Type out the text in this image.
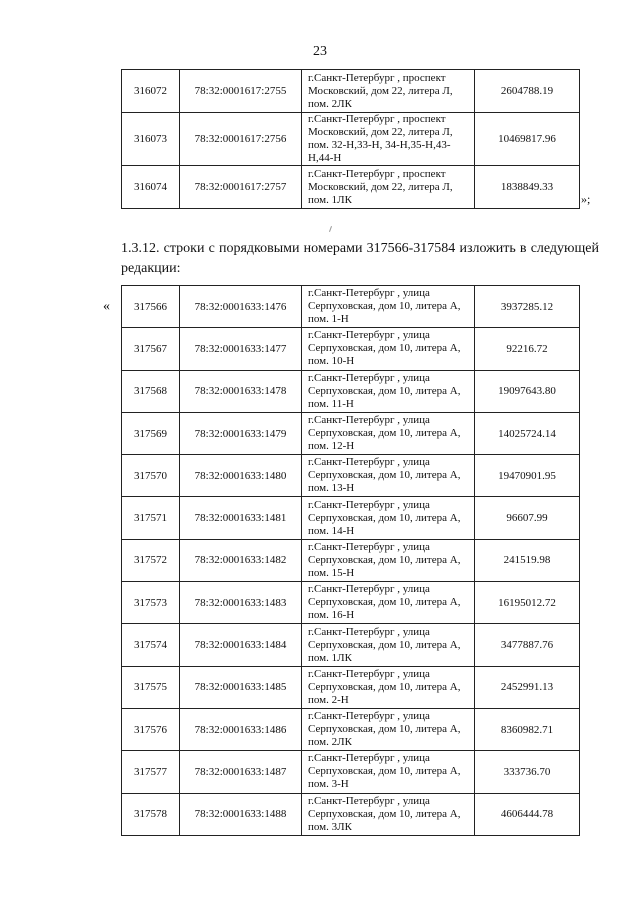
23
316072	78:32:0001617:2755	г.Санкт-Петербург , проспект Московский, дом 22, литера Л, пом. 2ЛК	2604788.19
316073	78:32:0001617:2756	г.Санкт-Петербург , проспект Московский, дом 22, литера Л, пом. 32-Н,33-Н, 34-Н,35-Н,43-Н,44-Н	10469817.96
316074	78:32:0001617:2757	г.Санкт-Петербург , проспект Московский, дом 22, литера Л, пом. 1ЛК	1838849.33
»;
1.3.12. строки с порядковыми номерами 317566-317584 изложить в следующей
редакции:
« 317566	78:32:0001633:1476	г.Санкт-Петербург , улица Серпуховская, дом 10, литера А, пом. 1-Н	3937285.12
317567	78:32:0001633:1477	г.Санкт-Петербург , улица Серпуховская, дом 10, литера А, пом. 10-Н	92216.72
317568	78:32:0001633:1478	г.Санкт-Петербург , улица Серпуховская, дом 10, литера А, пом. 11-Н	19097643.80
317569	78:32:0001633:1479	г.Санкт-Петербург , улица Серпуховская, дом 10, литера А, пом. 12-Н	14025724.14
317570	78:32:0001633:1480	г.Санкт-Петербург , улица Серпуховская, дом 10, литера А, пом. 13-Н	19470901.95
317571	78:32:0001633:1481	г.Санкт-Петербург , улица Серпуховская, дом 10, литера А, пом. 14-Н	96607.99
317572	78:32:0001633:1482	г.Санкт-Петербург , улица Серпуховская, дом 10, литера А, пом. 15-Н	241519.98
317573	78:32:0001633:1483	г.Санкт-Петербург , улица Серпуховская, дом 10, литера А, пом. 16-Н	16195012.72
317574	78:32:0001633:1484	г.Санкт-Петербург , улица Серпуховская, дом 10, литера А, пом. 1ЛК	3477887.76
317575	78:32:0001633:1485	г.Санкт-Петербург , улица Серпуховская, дом 10, литера А, пом. 2-Н	2452991.13
317576	78:32:0001633:1486	г.Санкт-Петербург , улица Серпуховская, дом 10, литера А, пом. 2ЛК	8360982.71
317577	78:32:0001633:1487	г.Санкт-Петербург , улица Серпуховская, дом 10, литера А, пом. 3-Н	333736.70
317578	78:32:0001633:1488	г.Санкт-Петербург , улица Серпуховская, дом 10, литера А, пом. 3ЛК	4606444.78
